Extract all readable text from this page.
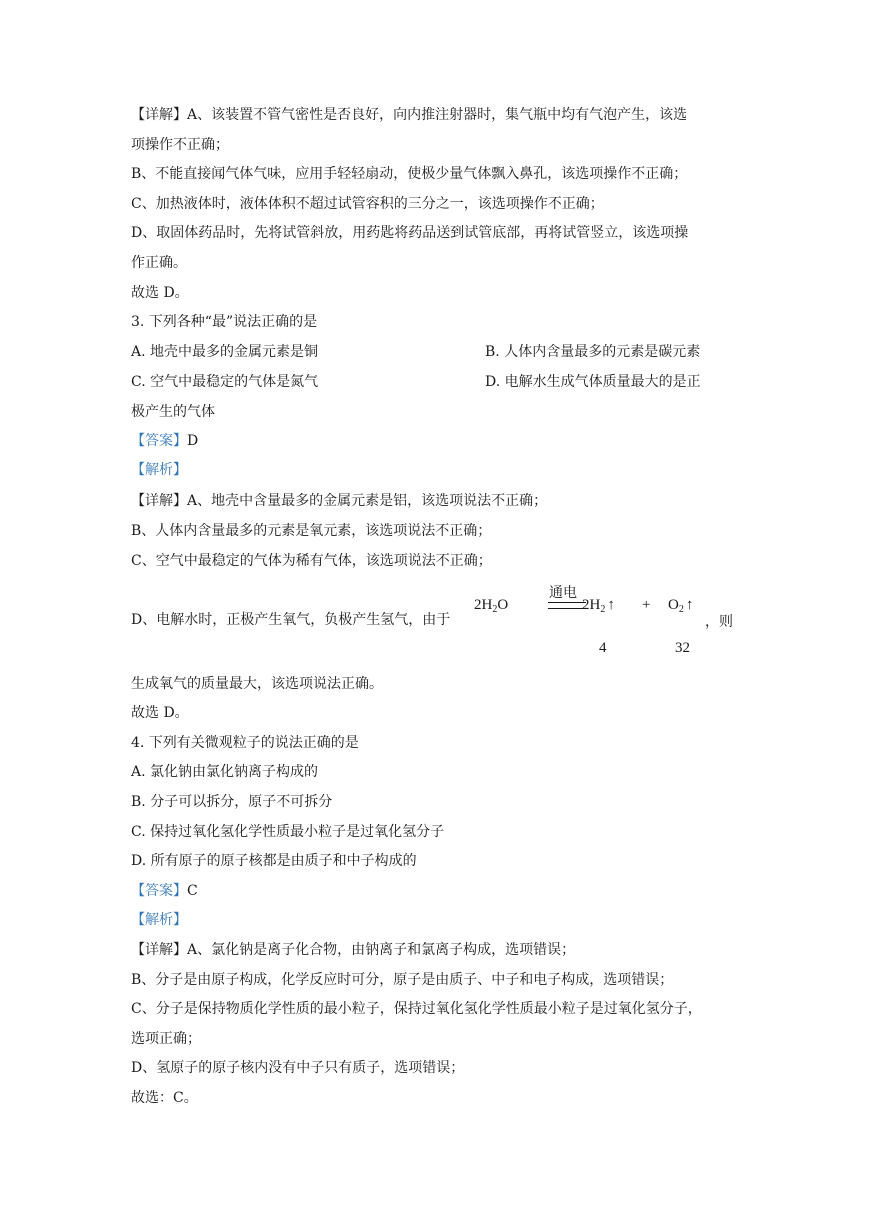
【详解】A、该装置不管气密性是否良好，向内推注射器时，集气瓶中均有气泡产生，该选
项操作不正确；
B、不能直接闻气体气味，应用手轻轻扇动，使极少量气体飘入鼻孔，该选项操作不正确；
C、加热液体时，液体体积不超过试管容积的三分之一，该选项操作不正确；
D、取固体药品时，先将试管斜放，用药匙将药品送到试管底部，再将试管竖立，该选项操
作正确。
故选 D。
3. 下列各种“最”说法正确的是
A. 地壳中最多的金属元素是铜	B. 人体内含量最多的元素是碳元素
C. 空气中最稳定的气体是氮气	D. 电解水生成气体质量最大的是正
极产生的气体
【答案】D
【解析】
【详解】A、地壳中含量最多的金属元素是铝，该选项说法不正确；
B、人体内含量最多的元素是氧元素，该选项说法不正确；
C、空气中最稳定的气体为稀有气体，该选项说法不正确；
D、电解水时，正极产生氧气，负极产生氢气，由于
$2H_2O$
通电
$2H_2$ ↑ + $O_2$ ↑
4	32
，则
生成氧气的质量最大，该选项说法正确。
故选 D。
4. 下列有关微观粒子的说法正确的是
A. 氯化钠由氯化钠离子构成的
B. 分子可以拆分，原子不可拆分
C. 保持过氧化氢化学性质最小粒子是过氧化氢分子
D. 所有原子的原子核都是由质子和中子构成的
【答案】C
【解析】
【详解】A、氯化钠是离子化合物，由钠离子和氯离子构成，选项错误；
B、分子是由原子构成，化学反应时可分，原子是由质子、中子和电子构成，选项错误；
C、分子是保持物质化学性质的最小粒子，保持过氧化氢化学性质最小粒子是过氧化氢分子，
选项正确；
D、氢原子的原子核内没有中子只有质子，选项错误；
故选：C。
